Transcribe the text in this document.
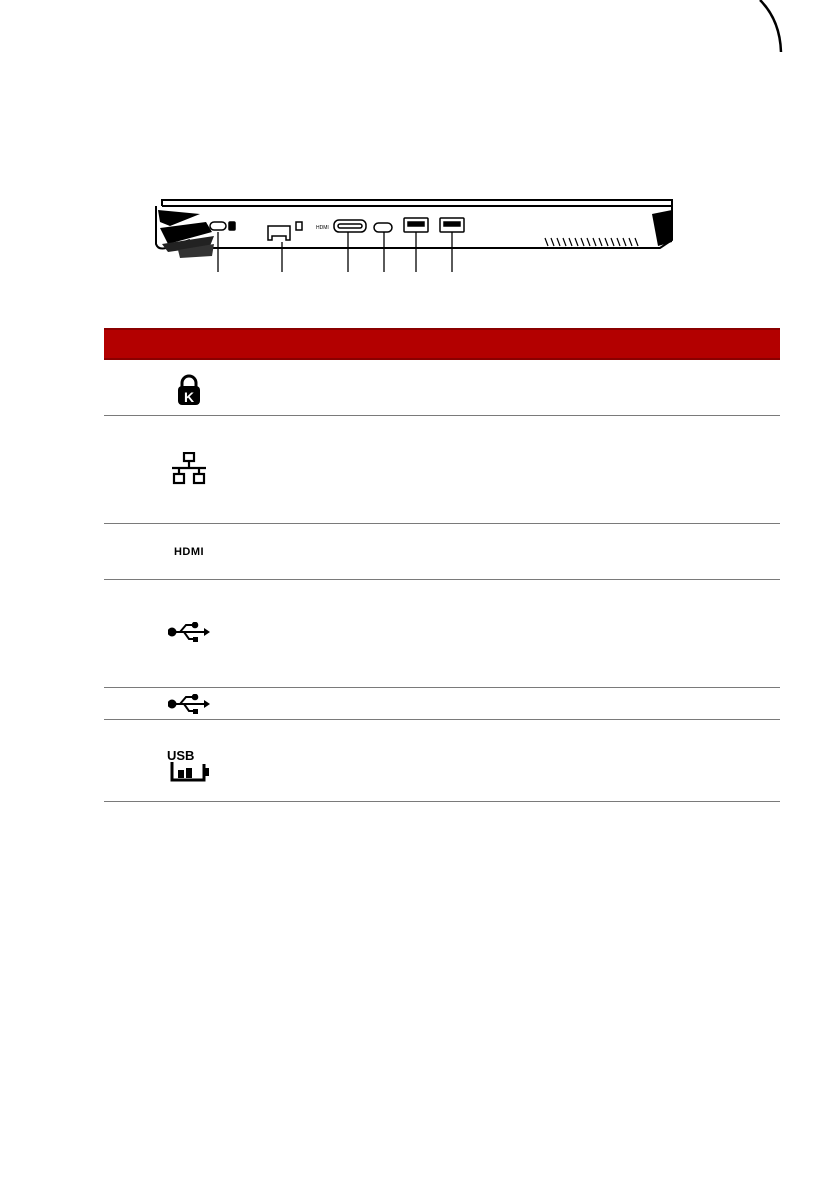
HDMI
K
HDMI
USB
